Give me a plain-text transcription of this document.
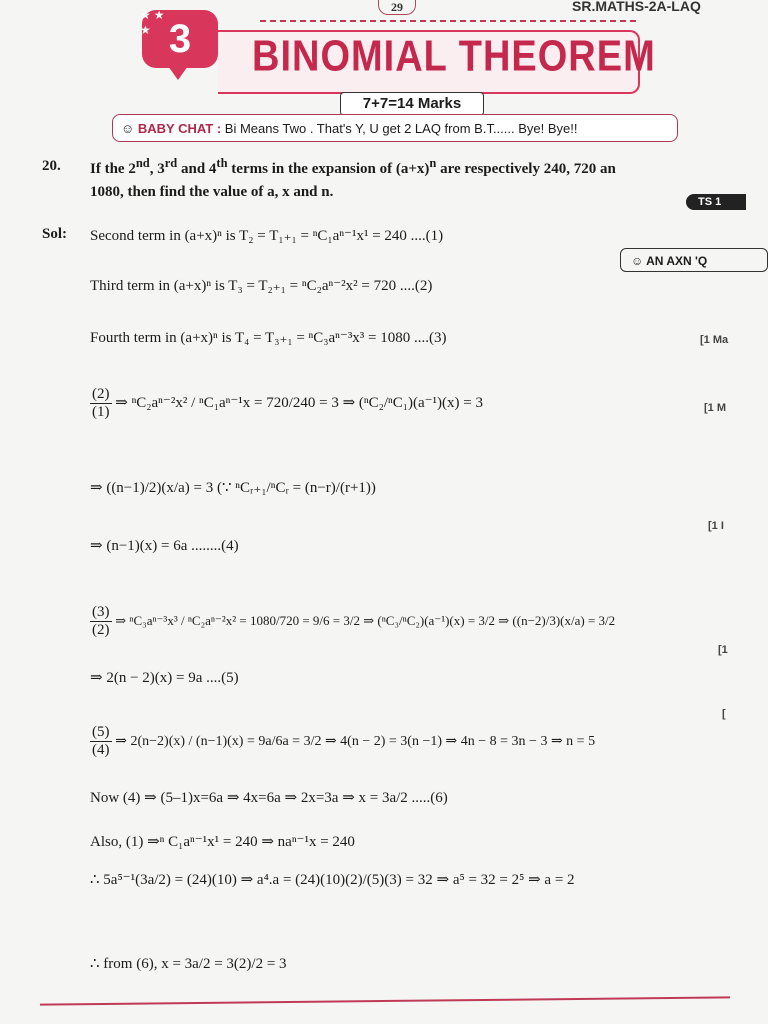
29	SR.MATHS-2A-LAQ
3
★ ★
★
BINOMIAL THEOREM
7+7=14 Marks
☺ BABY CHAT : Bi Means Two . That's Y, U get 2 LAQ from B.T...... Bye! Bye!!
20. If the 2nd, 3rd and 4th terms in the expansion of $(a+x)^n$ are respectively 240, 720 an
1080, then find the value of a, x and n.
TS 1
Sol: Second term in (a+x)ⁿ is T₂ = T₁₊₁ = ⁿC₁aⁿ⁻¹x¹ = 240 ....(1)
☺ AN AXN 'Q
Third term in (a+x)ⁿ is T₃ = T₂₊₁ = ⁿC₂aⁿ⁻²x² = 720 ....(2)
Fourth term in (a+x)ⁿ is T₄ = T₃₊₁ = ⁿC₃aⁿ⁻³x³ = 1080 ....(3)	[1 Ma
$\frac{(2)}{(1)}$ ⇒ ⁿC₂aⁿ⁻²x² / ⁿC₁aⁿ⁻¹x = 720/240 = 3 ⇒ (ⁿC₂/ⁿC₁)(a⁻¹)(x) = 3	[1 M
⇒ ((n−1)/2)(x/a) = 3 (∵ ⁿCᵣ₊₁/ⁿCᵣ = (n−r)/(r+1))
[1 I
⇒ (n−1)(x) = 6a ........(4)
$\frac{(3)}{(2)}$ ⇒ ⁿC₃aⁿ⁻³x³ / ⁿC₂aⁿ⁻²x² = 1080/720 = 9/6 = 3/2 ⇒ (ⁿC₃/ⁿC₂)(a⁻¹)(x) = 3/2 ⇒ ((n−2)/3)(x/a) = 3/2
[1
⇒ 2(n − 2)(x) = 9a ....(5)
$\frac{(5)}{(4)}$ ⇒ 2(n−2)(x) / (n−1)(x) = 9a/6a = 3/2 ⇒ 4(n − 2) = 3(n −1) ⇒ 4n − 8 = 3n − 3 ⇒ n = 5
[
Now (4) ⇒ (5–1)x=6a ⇒ 4x=6a ⇒ 2x=3a ⇒ x = 3a/2 .....(6)
Also, (1) ⇒ⁿ C₁aⁿ⁻¹x¹ = 240 ⇒ naⁿ⁻¹x = 240
∴ 5a⁵⁻¹(3a/2) = (24)(10) ⇒ a⁴.a = (24)(10)(2)/(5)(3) = 32 ⇒ a⁵ = 32 = 2⁵ ⇒ a = 2
∴ from (6), x = 3a/2 = 3(2)/2 = 3
